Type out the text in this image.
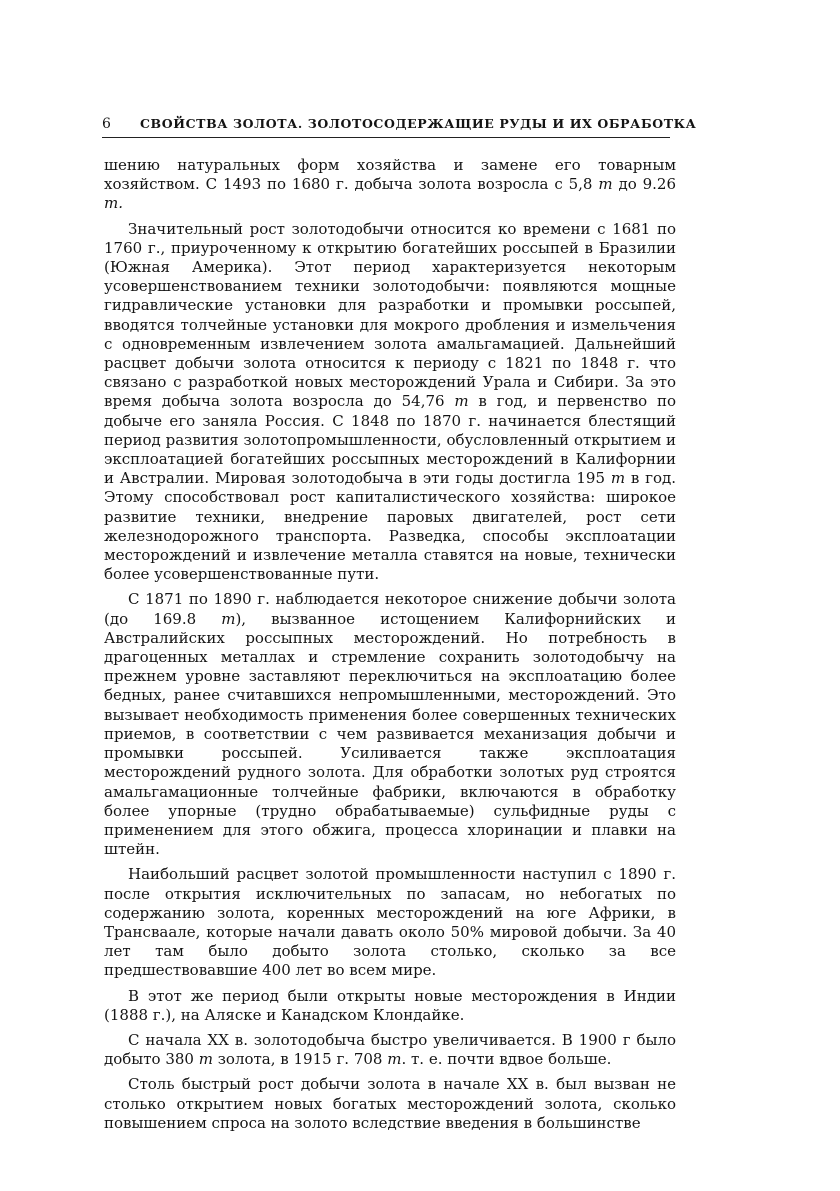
6 СВОЙСТВА ЗОЛОТА. ЗОЛОТОСОДЕРЖАЩИЕ РУДЫ И ИХ ОБРАБОТКА

шению натуральных форм хозяйства и замене его товарным хозяйством. С 1493 по 1680 г. добыча золота возросла с 5,8 т до 9.26 т.

Значительный рост золотодобычи относится ко времени с 1681 по 1760 г., приуроченному к открытию богатейших россыпей в Бразилии (Южная Америка). Этот период характеризуется некоторым усовершенствованием техники золотодобычи: появляются мощные гидравлические установки для разработки и промывки россыпей, вводятся толчейные установки для мокрого дробления и измельчения с одновременным извлечением золота амальгамацией. Дальнейший расцвет добычи золота относится к периоду с 1821 по 1848 г. что связано с разработкой новых месторождений Урала и Сибири. За это время добыча золота возросла до 54,76 т в год, и первенство по добыче его заняла Россия. С 1848 по 1870 г. начинается блестящий период развития золотопромышленности, обусловленный открытием и эксплоатацией богатейших россыпных месторождений в Калифорнии и Австралии. Мировая золотодобыча в эти годы достигла 195 т в год. Этому способствовал рост капиталистического хозяйства: широкое развитие техники, внедрение паровых двигателей, рост сети железнодорожного транспорта. Разведка, способы эксплоатации месторождений и извлечение металла ставятся на новые, технически более усовершенствованные пути.

С 1871 по 1890 г. наблюдается некоторое снижение добычи золота (до 169.8 т), вызванное истощением Калифорнийских и Австралийских россыпных месторождений. Но потребность в драгоценных металлах и стремление сохранить золотодобычу на прежнем уровне заставляют переключиться на эксплоатацию более бедных, ранее считавшихся непромышленными, месторождений. Это вызывает необходимость применения более совершенных технических приемов, в соответствии с чем развивается механизация добычи и промывки россыпей. Усиливается также эксплоатация месторождений рудного золота. Для обработки золотых руд строятся амальгамационные толчейные фабрики, включаются в обработку более упорные (трудно обрабатываемые) сульфидные руды с применением для этого обжига, процесса хлоринации и плавки на штейн.

Наибольший расцвет золотой промышленности наступил с 1890 г. после открытия исключительных по запасам, но небогатых по содержанию золота, коренных месторождений на юге Африки, в Трансваале, которые начали давать около 50% мировой добычи. За 40 лет там было добыто золота столько, сколько за все предшествовавшие 400 лет во всем мире.

В этот же период были открыты новые месторождения в Индии (1888 г.), на Аляске и Канадском Клондайке.

С начала XX в. золотодобыча быстро увеличивается. В 1900 г было добыто 380 т золота, в 1915 г. 708 т. т. е. почти вдвое больше.

Столь быстрый рост добычи золота в начале XX в. был вызван не столько открытием новых богатых месторождений золота, сколько повышением спроса на золото вследствие введения в большинстве
